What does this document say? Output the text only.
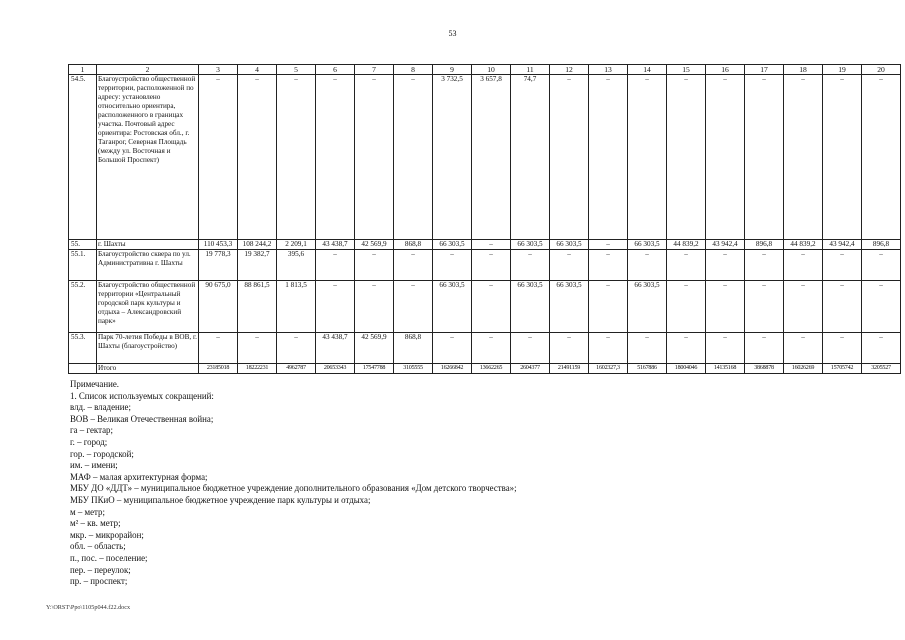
53
1	2	3	4	5	6	7	8	9	10	11	12	13	14	15	16	17	18	19	20
54.5.	Благоустройство общественной территории, расположенной по адресу: установлено относительно ориентира, расположенного в границах участка. Почтовый адрес ориентира: Ростовская обл., г. Таганрог, Северная Площадь (между ул. Восточная и Большой Проспект)	–	–	–	–	–	–	3 732,5	3 657,8	74,7	–	–	–	–	–	–	–	–	–
55.	г. Шахты	110 453,3	108 244,2	2 209,1	43 438,7	42 569,9	868,8	66 303,5	–	66 303,5	66 303,5	–	66 303,5	44 839,2	43 942,4	896,8	44 839,2	43 942,4	896,8
55.1.	Благоустройство сквера по ул. Административна г. Шахты	19 778,3	19 382,7	395,6	–	–	–	–	–	–	–	–	–	–	–	–	–	–	–
55.2.	Благоустройство общественной территории «Центральный городской парк культуры и отдыха – Александровский парк»	90 675,0	88 861,5	1 813,5	–	–	–	66 303,5	–	66 303,5	66 303,5	–	66 303,5	–	–	–	–	–	–
55.3.	Парк 70-летия Победы в ВОВ, г. Шахты (благоустройство)	–	–	–	43 438,7	42 569,9	868,8	–	–	–	–	–	–	–	–	–	–	–	–
	Итого	23185018	18222231	4962787	20653343	17547788	3105555	16266842	13662265	2604377	21491159	1602327,3	5167886	18004046	14135168	3868878	16026269	15705742	3205527
Примечание.
1. Список используемых сокращений:
влд. – владение;
ВОВ – Великая Отечественная война;
га – гектар;
г. – город;
гор. – городской;
им. – имени;
МАФ – малая архитектурная форма;
МБУ ДО «ДДТ» – муниципальное бюджетное учреждение дополнительного образования «Дом детского творчества»;
МБУ ПКиО – муниципальное бюджетное учреждение парк культуры и отдыха;
м – метр;
м² – кв. метр;
мкр. – микрорайон;
обл. – область;
п., пос. – поселение;
пер. – переулок;
пр. – проспект;
Y:\ORST\Ppo\1105p044.f22.docx
